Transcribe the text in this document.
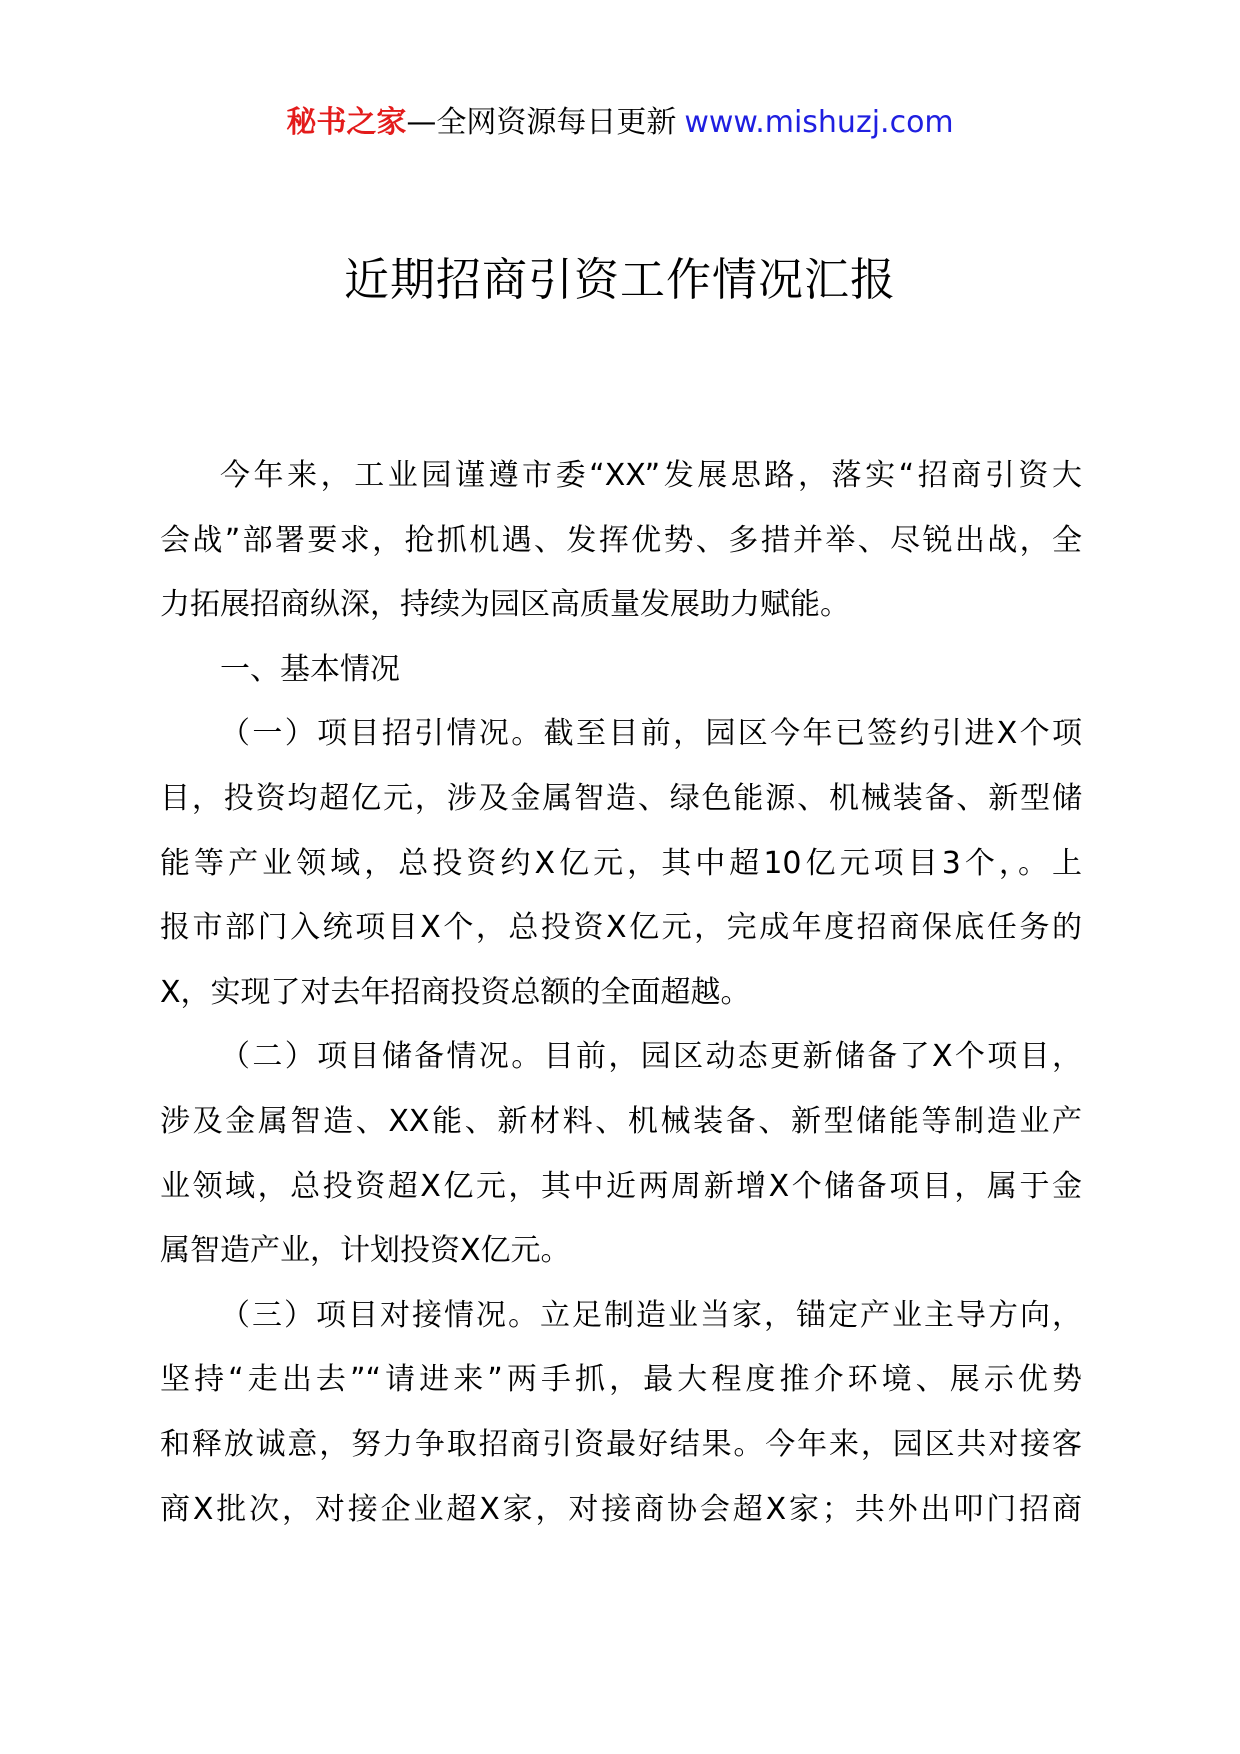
秘书之家—全网资源每日更新 www.mishuzj.com
近期招商引资工作情况汇报
今年来，工业园谨遵市委“XX”发展思路，落实“招商引资大
会战”部署要求，抢抓机遇、发挥优势、多措并举、尽锐出战，全
力拓展招商纵深，持续为园区高质量发展助力赋能。
一、基本情况
（一）项目招引情况。截至目前，园区今年已签约引进X个项
目，投资均超亿元，涉及金属智造、绿色能源、机械装备、新型储
能等产业领域，总投资约X亿元，其中超10亿元项目3个，。上
报市部门入统项目X个，总投资X亿元，完成年度招商保底任务的
X，实现了对去年招商投资总额的全面超越。
（二）项目储备情况。目前，园区动态更新储备了X个项目，
涉及金属智造、XX能、新材料、机械装备、新型储能等制造业产
业领域，总投资超X亿元，其中近两周新增X个储备项目，属于金
属智造产业，计划投资X亿元。
（三）项目对接情况。立足制造业当家，锚定产业主导方向，
坚持“走出去”“请进来”两手抓，最大程度推介环境、展示优势
和释放诚意，努力争取招商引资最好结果。今年来，园区共对接客
商X批次，对接企业超X家，对接商协会超X家；共外出叩门招商
